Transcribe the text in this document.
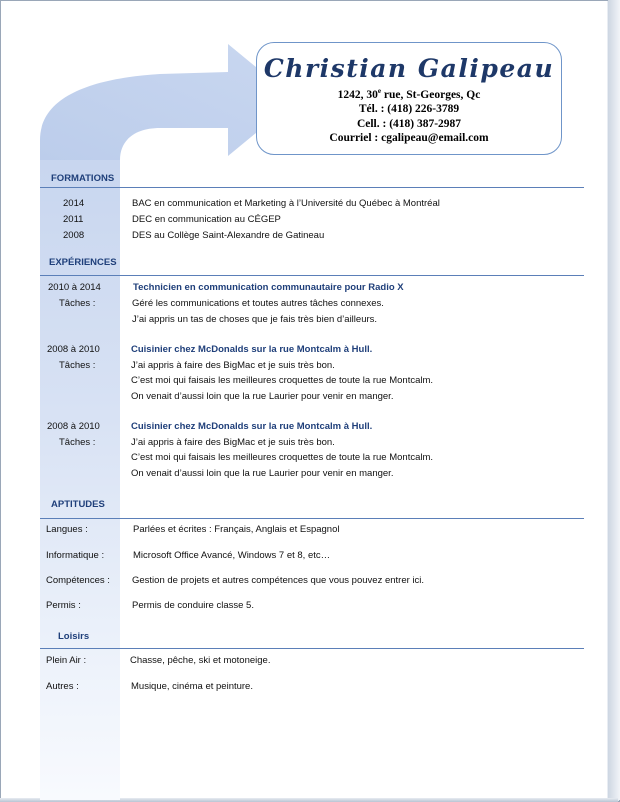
Christian Galipeau
1242, 30e rue, St-Georges, Qc
Tél. : (418) 226-3789
Cell. : (418) 387-2987
Courriel : cgalipeau@email.com
FORMATIONS
2014	BAC en communication et Marketing à l’Université du Québec à Montréal
2011	DEC en communication au CÉGEP
2008	DES au Collège Saint-Alexandre de Gatineau
EXPÉRIENCES
2010 à 2014	Technicien en communication communautaire pour Radio X
Tâches :	Géré les communications et toutes autres tâches connexes.
J’ai appris un tas de choses que je fais très bien d’ailleurs.
2008 à 2010	Cuisinier chez McDonalds sur la rue Montcalm à Hull.
Tâches :	J’ai appris à faire des BigMac et je suis très bon.
C’est moi qui faisais les meilleures croquettes de toute la rue Montcalm.
On venait d’aussi loin que la rue Laurier pour venir en manger.
2008 à 2010	Cuisinier chez McDonalds sur la rue Montcalm à Hull.
Tâches :	J’ai appris à faire des BigMac et je suis très bon.
C’est moi qui faisais les meilleures croquettes de toute la rue Montcalm.
On venait d’aussi loin que la rue Laurier pour venir en manger.
APTITUDES
Langues :	Parlées et écrites : Français, Anglais et Espagnol
Informatique :	Microsoft Office Avancé, Windows 7 et 8, etc…
Compétences : Gestion de projets et autres compétences que vous pouvez entrer ici.
Permis :	Permis de conduire classe 5.
Loisirs
Plein Air :	Chasse, pêche, ski et motoneige.
Autres :	Musique, cinéma et peinture.
